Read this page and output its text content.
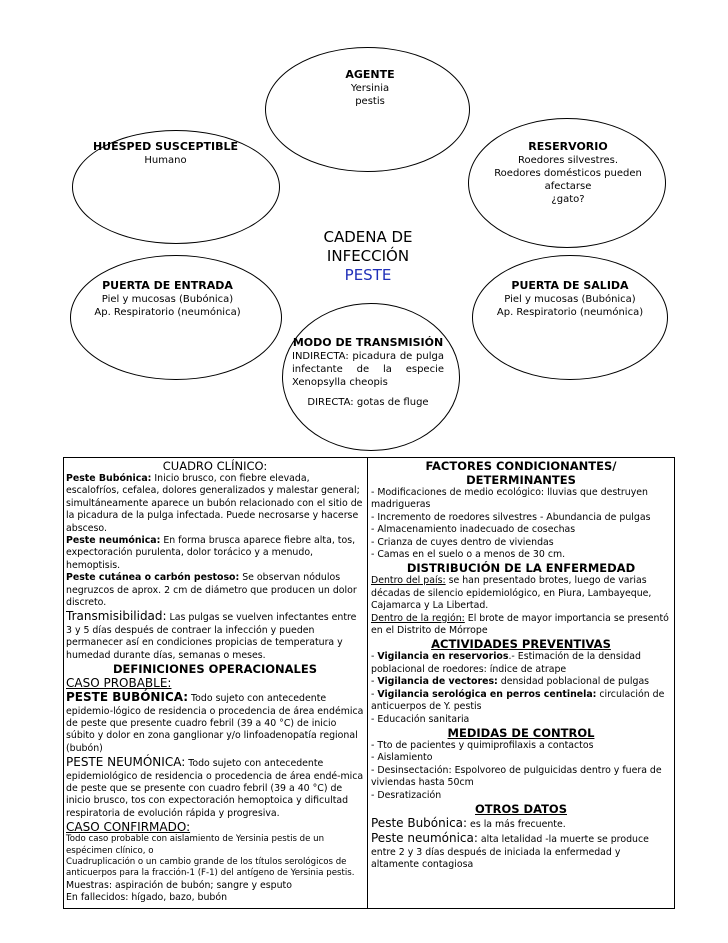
AGENTE
Yersinia
pestis
HUESPED SUSCEPTIBLE
Humano
RESERVORIO
Roedores silvestres.
Roedores domésticos pueden
afectarse
¿gato?
CADENA DE INFECCIÓN
PESTE
PUERTA DE ENTRADA
Piel y mucosas (Bubónica)
Ap. Respiratorio (neumónica)
PUERTA DE SALIDA
Piel y mucosas (Bubónica)
Ap. Respiratorio (neumónica)
MODO DE TRANSMISIÓN
INDIRECTA: picadura de pulga infectante de la especie Xenopsylla cheopis
DIRECTA: gotas de fluge
CUADRO CLÍNICO:

Peste Bubónica: Inicio brusco, con fiebre elevada, escalofríos, cefalea, dolores generalizados y malestar general; simultáneamente aparece un bubón relacionado con el sitio de la picadura de la pulga infectada. Puede necrosarse y hacerse absceso.

Peste neumónica: En forma brusca aparece fiebre alta, tos, expectoración purulenta, dolor torácico y a menudo, hemoptisis.

Peste cutánea o carbón pestoso: Se observan nódulos negruzcos de aprox. 2 cm de diámetro que producen un dolor discreto.

Transmisibilidad: Las pulgas se vuelven infectantes entre 3 y 5 días después de contraer la infección y pueden permanecer así en condiciones propicias de temperatura y humedad durante días, semanas o meses.

DEFINICIONES OPERACIONALES

CASO PROBABLE:

PESTE BUBÓNICA: Todo sujeto con antecedente epidemio-lógico de residencia o procedencia de área endémica de peste que presente cuadro febril (39 a 40 °C) de inicio súbito y dolor en zona ganglionar y/o linfoadenopatía regional (bubón)

PESTE NEUMÓNICA: Todo sujeto con antecedente epidemiológico de residencia o procedencia de área endé-mica de peste que se presente con cuadro febril (39 a 40 °C) de inicio brusco, tos con expectoración hemoptoica y dificultad respiratoria de evolución rápida y progresiva.

CASO CONFIRMADO:

Todo caso probable con aislamiento de Yersinia pestis de un espécimen clínico, o

Cuadruplicación o un cambio grande de los títulos serológicos de anticuerpos para la fracción-1 (F-1) del antígeno de Yersinia pestis.

Muestras: aspiración de bubón; sangre y esputo

En fallecidos: hígado, bazo, bubón

FACTORES CONDICIONANTES/ DETERMINANTES

- Modificaciones de medio ecológico: lluvias que destruyen madrigueras

- Incremento de roedores silvestres - Abundancia de pulgas

- Almacenamiento inadecuado de cosechas

- Crianza de cuyes dentro de viviendas

- Camas en el suelo o a menos de 30 cm.

DISTRIBUCIÓN DE LA ENFERMEDAD

Dentro del país: se han presentado brotes, luego de varias décadas de silencio epidemiológico, en Piura, Lambayeque, Cajamarca y La Libertad.

Dentro de la región: El brote de mayor importancia se presentó en el Distrito de Mórrope

ACTIVIDADES PREVENTIVAS

- Vigilancia en reservorios.- Estimación de la densidad poblacional de roedores: índice de atrape

- Vigilancia de vectores: densidad poblacional de pulgas

- Vigilancia serológica en perros centinela: circulación de anticuerpos de Y. pestis

- Educación sanitaria

MEDIDAS DE CONTROL

- Tto de pacientes y quimiprofilaxis a contactos

- Aislamiento

- Desinsectación: Espolvoreo de pulguicidas dentro y fuera de viviendas hasta 50cm

- Desratización

OTROS DATOS

Peste Bubónica: es la más frecuente.

Peste neumónica: alta letalidad -la muerte se produce entre 2 y 3 días después de iniciada la enfermedad y altamente contagiosa
